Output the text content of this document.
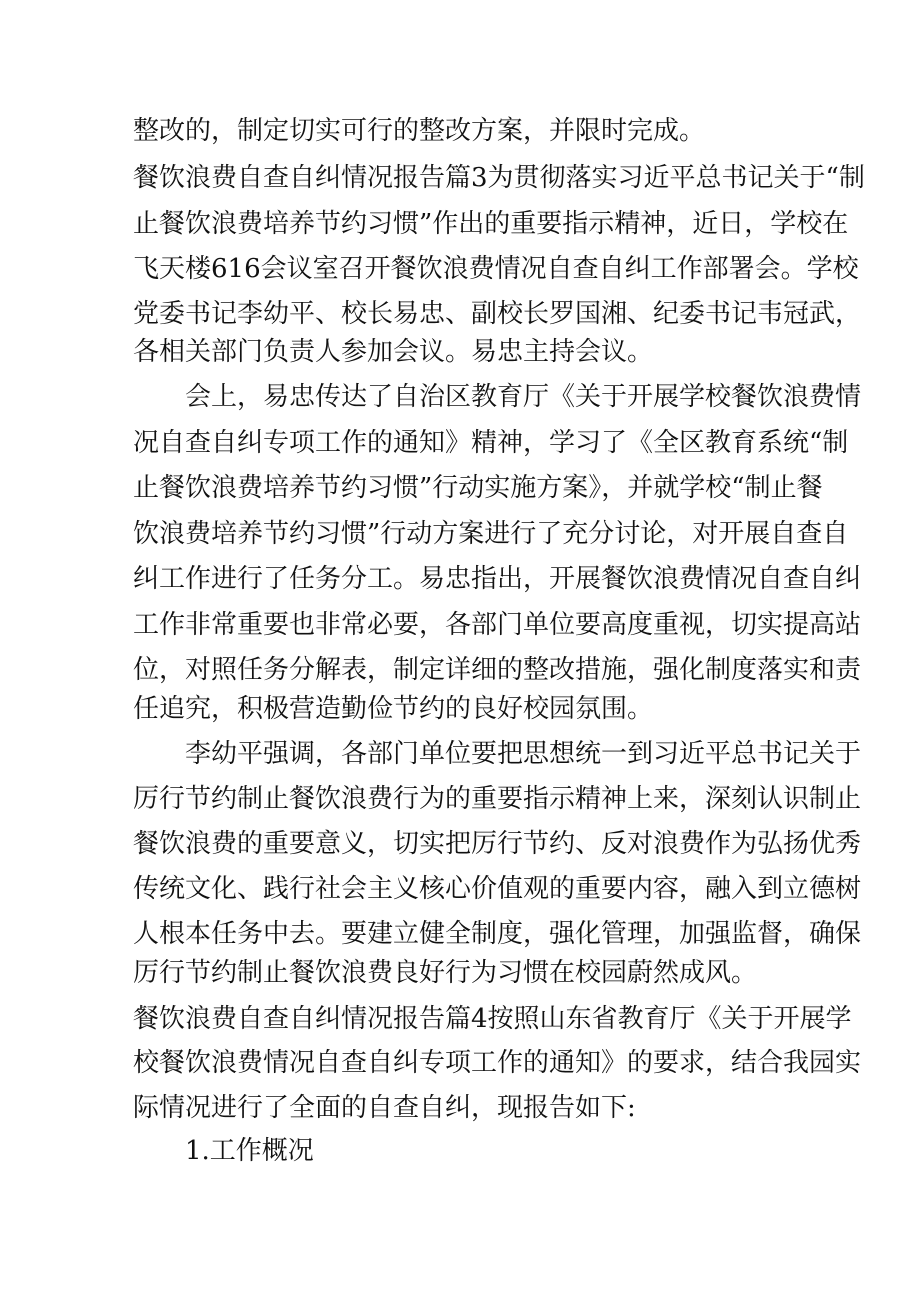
整改的，制定切实可行的整改方案，并限时完成。
餐饮浪费自查自纠情况报告篇3为贯彻落实习近平总书记关于“制
止餐饮浪费培养节约习惯”作出的重要指示精神，近日，学校在
飞天楼616会议室召开餐饮浪费情况自查自纠工作部署会。学校
党委书记李幼平、校长易忠、副校长罗国湘、纪委书记韦冠武，
各相关部门负责人参加会议。易忠主持会议。
会上，易忠传达了自治区教育厅《关于开展学校餐饮浪费情
况自查自纠专项工作的通知》精神，学习了《全区教育系统“制
止餐饮浪费培养节约习惯”行动实施方案》，并就学校“制止餐
饮浪费培养节约习惯”行动方案进行了充分讨论，对开展自查自
纠工作进行了任务分工。易忠指出，开展餐饮浪费情况自查自纠
工作非常重要也非常必要，各部门单位要高度重视，切实提高站
位，对照任务分解表，制定详细的整改措施，强化制度落实和责
任追究，积极营造勤俭节约的良好校园氛围。
李幼平强调，各部门单位要把思想统一到习近平总书记关于
厉行节约制止餐饮浪费行为的重要指示精神上来，深刻认识制止
餐饮浪费的重要意义，切实把厉行节约、反对浪费作为弘扬优秀
传统文化、践行社会主义核心价值观的重要内容，融入到立德树
人根本任务中去。要建立健全制度，强化管理，加强监督，确保
厉行节约制止餐饮浪费良好行为习惯在校园蔚然成风。
餐饮浪费自查自纠情况报告篇4按照山东省教育厅《关于开展学
校餐饮浪费情况自查自纠专项工作的通知》的要求，结合我园实
际情况进行了全面的自查自纠，现报告如下:
1.工作概况
